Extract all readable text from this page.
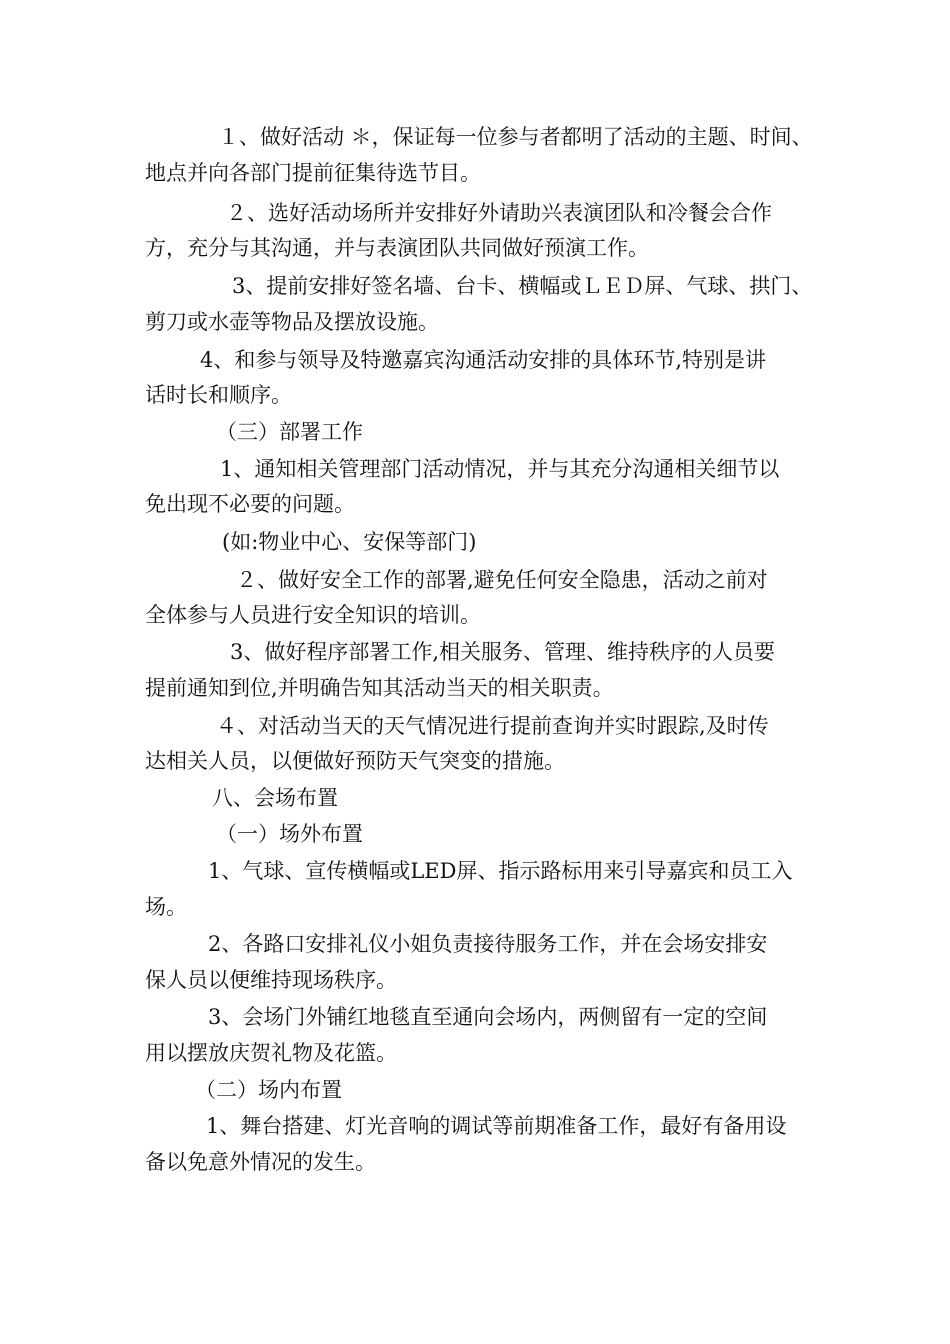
１、做好活动 ＊，保证每一位参与者都明了活动的主题、时间、
地点并向各部门提前征集待选节目。
２、选好活动场所并安排好外请助兴表演团队和冷餐会合作
方，充分与其沟通，并与表演团队共同做好预演工作。
3、提前安排好签名墙、台卡、横幅或ＬＥＤ屏、气球、拱门、
剪刀或水壶等物品及摆放设施。
4、和参与领导及特邀嘉宾沟通活动安排的具体环节,特别是讲
话时长和顺序。
（三）部署工作
1、通知相关管理部门活动情况，并与其充分沟通相关细节以
免出现不必要的问题。
(如:物业中心、安保等部门)
２、做好安全工作的部署,避免任何安全隐患，活动之前对
全体参与人员进行安全知识的培训。
3、做好程序部署工作,相关服务、管理、维持秩序的人员要
提前通知到位,并明确告知其活动当天的相关职责。
４、对活动当天的天气情况进行提前查询并实时跟踪,及时传
达相关人员，以便做好预防天气突变的措施。
八、会场布置
（一）场外布置
1、气球、宣传横幅或LED屏、指示路标用来引导嘉宾和员工入
场。
2、各路口安排礼仪小姐负责接待服务工作，并在会场安排安
保人员以便维持现场秩序。
3、会场门外铺红地毯直至通向会场内，两侧留有一定的空间
用以摆放庆贺礼物及花篮。
（二）场内布置
1、舞台搭建、灯光音响的调试等前期准备工作，最好有备用设
备以免意外情况的发生。
